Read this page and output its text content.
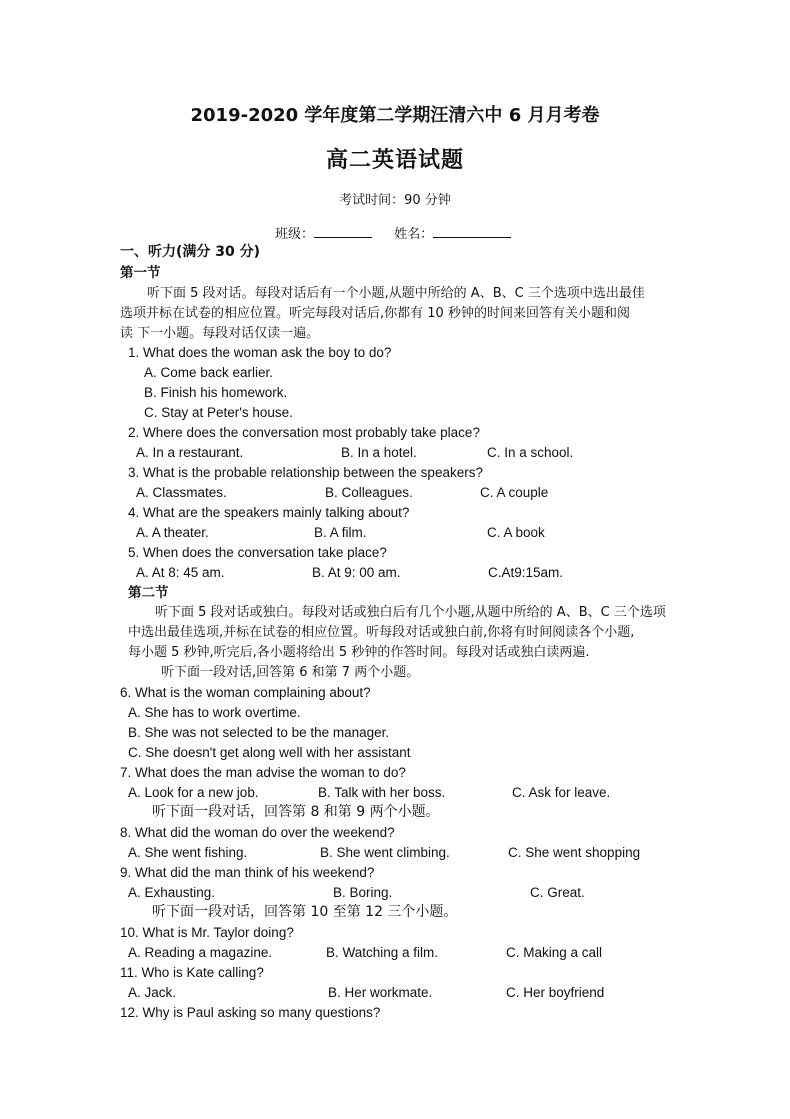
2019-2020 学年度第二学期汪清六中 6 月月考卷
高二英语试题
考试时间：90 分钟
班级：	姓名：
一、听力(满分 30 分)
第一节
听下面 5 段对话。每段对话后有一个小题,从题中所给的 A、B、C 三个选项中选出最佳
选项并标在试卷的相应位置。听完每段对话后,你都有 10 秒钟的时间来回答有关小题和阅
读 下一小题。每段对话仅读一遍。
1. What does the woman ask the boy to do?
A. Come back earlier.
B. Finish his homework.
C. Stay at Peter's house.
2. Where does the conversation most probably take place?
A. In a restaurant.	B. In a hotel.	C. In a school.
3. What is the probable relationship between the speakers?
A. Classmates.	B. Colleagues.	C. A couple
4. What are the speakers mainly talking about?
A. A theater.	B. A film.	C. A book
5. When does the conversation take place?
A. At 8: 45 am.	B. At 9: 00 am.	C.At9:15am.
第二节
听下面 5 段对话或独白。每段对话或独白后有几个小题,从题中所给的 A、B、C 三个选项
中选出最佳选项,并标在试卷的相应位置。听每段对话或独白前,你将有时间阅读各个小题,
每小题 5 秒钟,听完后,各小题将给出 5 秒钟的作答时间。每段对话或独白读两遍.
听下面一段对话,回答第 6 和第 7 两个小题。
6. What is the woman complaining about?
A. She has to work overtime.
B. She was not selected to be the manager.
C. She doesn't get along well with her assistant
7. What does the man advise the woman to do?
A. Look for a new job.	B. Talk with her boss.	C. Ask for leave.
听下面一段对话，回答第 8 和第 9 两个小题。
8. What did the woman do over the weekend?
A. She went fishing.	B. She went climbing.	C. She went shopping
9. What did the man think of his weekend?
A. Exhausting.	B. Boring.	C. Great.
听下面一段对话，回答第 10 至第 12 三个小题。
10. What is Mr. Taylor doing?
A. Reading a magazine.	B. Watching a film.	C. Making a call
11. Who is Kate calling?
A. Jack.	B. Her workmate.	C. Her boyfriend
12. Why is Paul asking so many questions?
